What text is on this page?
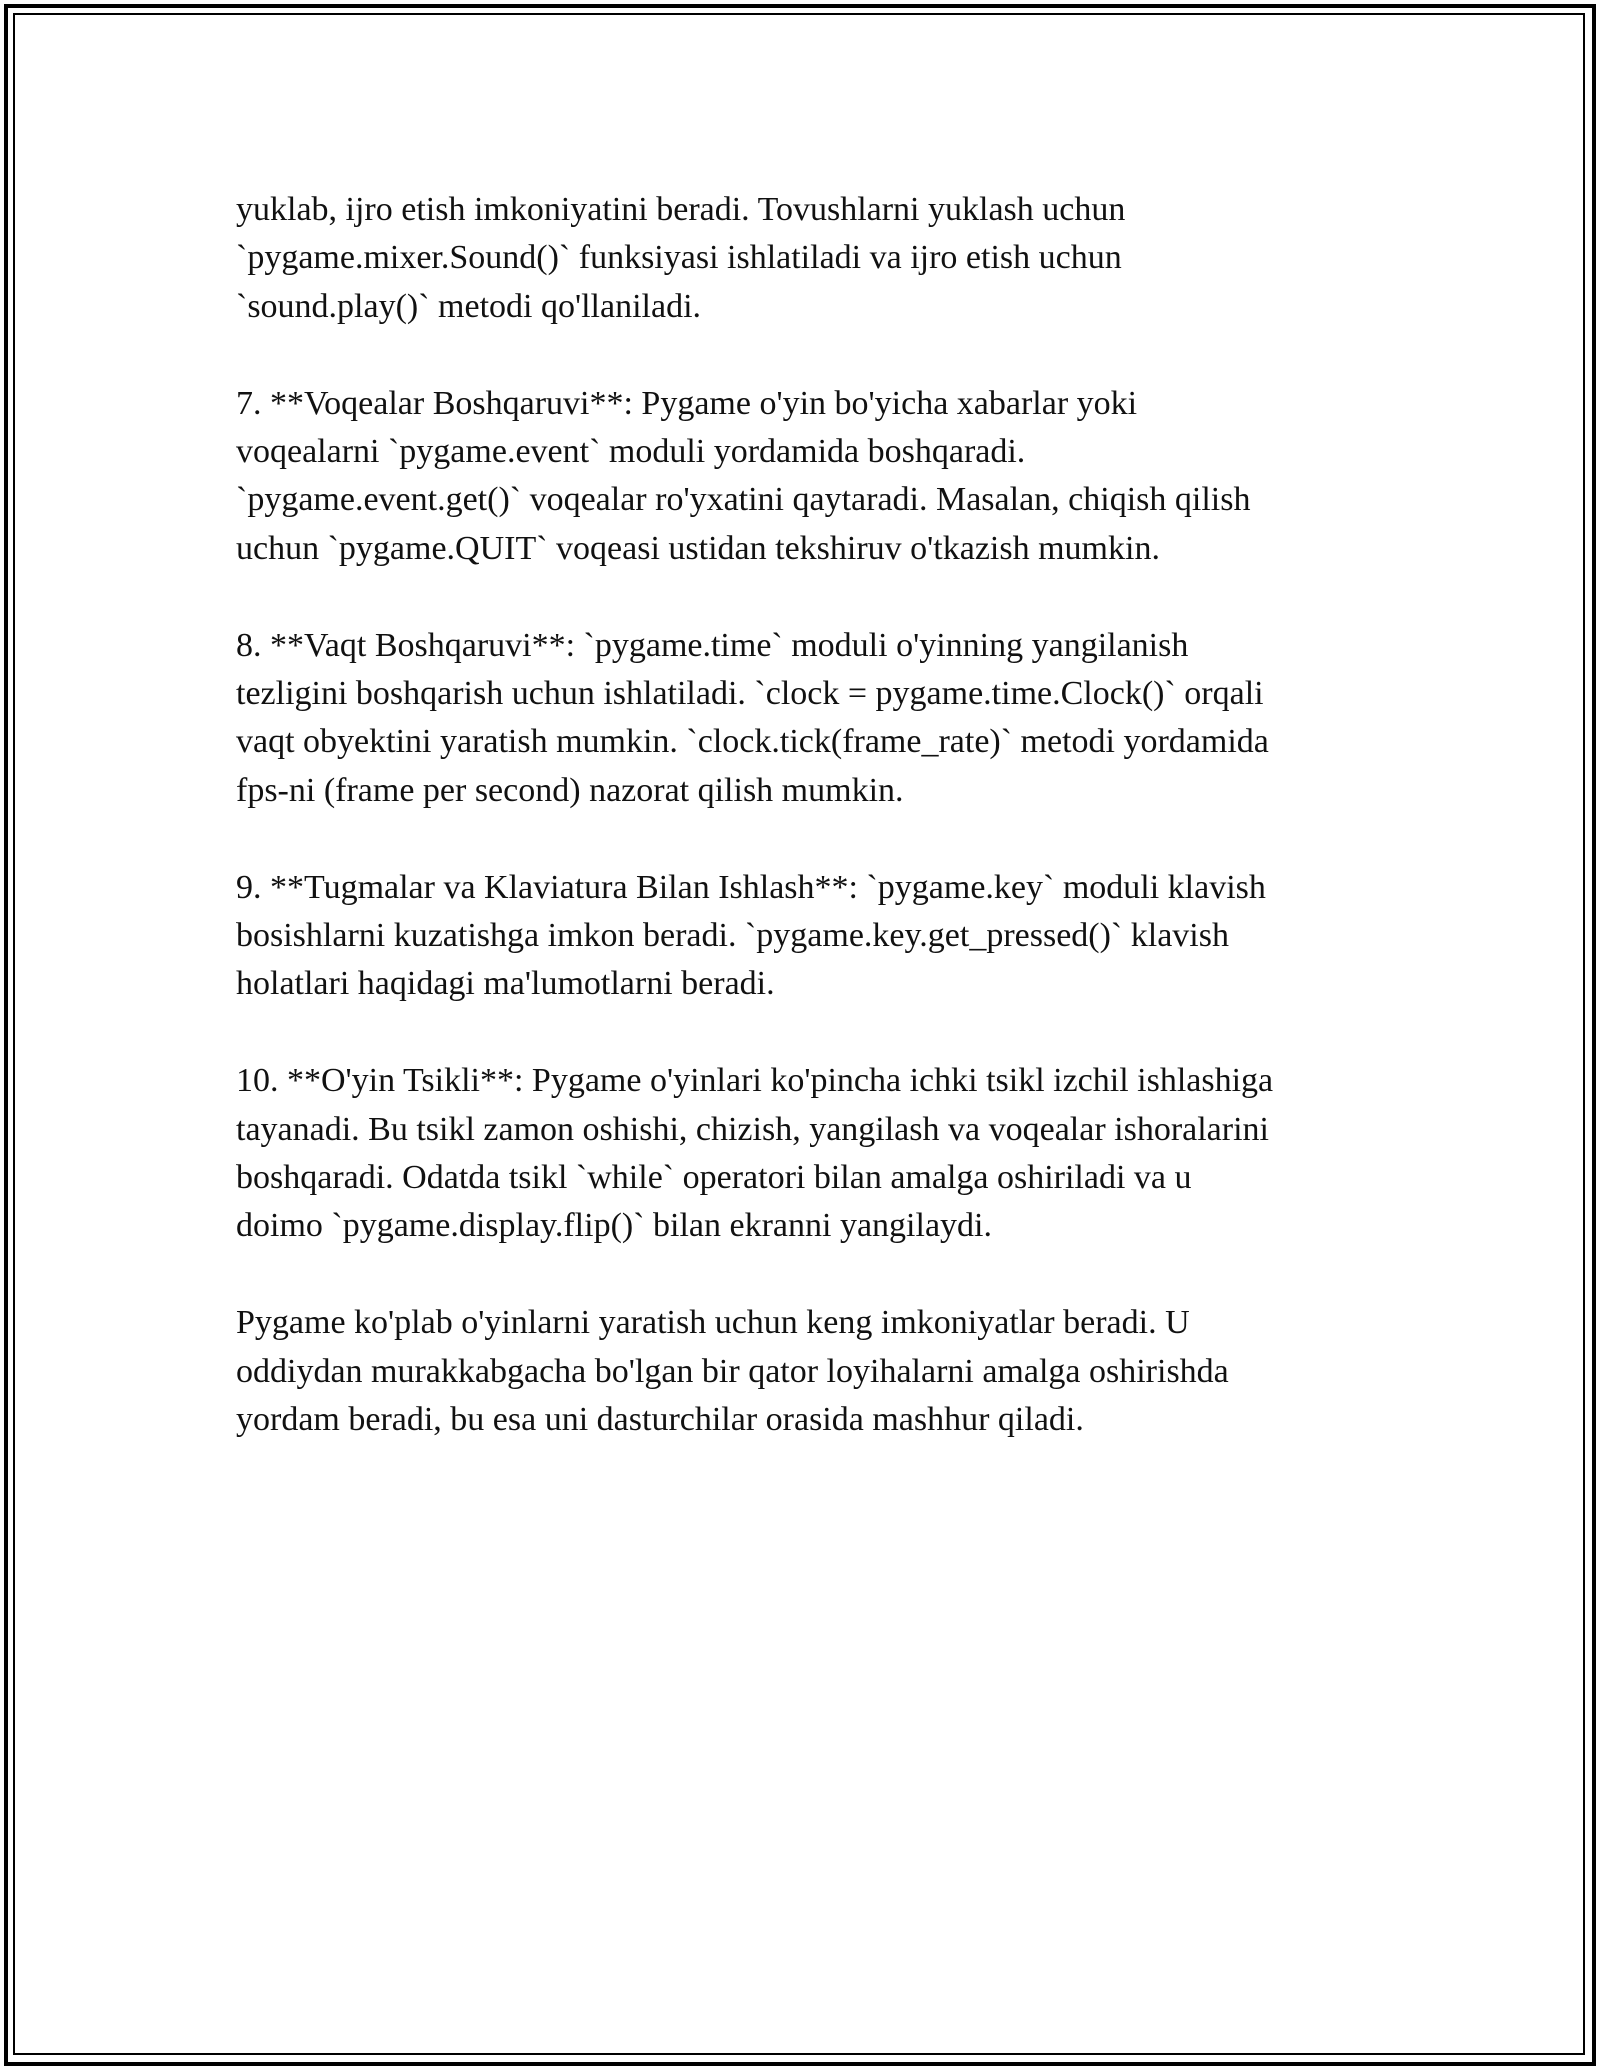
yuklab, ijro etish imkoniyatini beradi. Tovushlarni yuklash uchun
`pygame.mixer.Sound()` funksiyasi ishlatiladi va ijro etish uchun
`sound.play()` metodi qo'llaniladi.
7. **Voqealar Boshqaruvi**: Pygame o'yin bo'yicha xabarlar yoki
voqealarni `pygame.event` moduli yordamida boshqaradi.
`pygame.event.get()` voqealar ro'yxatini qaytaradi. Masalan, chiqish qilish
uchun `pygame.QUIT` voqeasi ustidan tekshiruv o'tkazish mumkin.
8. **Vaqt Boshqaruvi**: `pygame.time` moduli o'yinning yangilanish
tezligini boshqarish uchun ishlatiladi. `clock = pygame.time.Clock()` orqali
vaqt obyektini yaratish mumkin. `clock.tick(frame_rate)` metodi yordamida
fps-ni (frame per second) nazorat qilish mumkin.
9. **Tugmalar va Klaviatura Bilan Ishlash**: `pygame.key` moduli klavish
bosishlarni kuzatishga imkon beradi. `pygame.key.get_pressed()` klavish
holatlari haqidagi ma'lumotlarni beradi.
10. **O'yin Tsikli**: Pygame o'yinlari ko'pincha ichki tsikl izchil ishlashiga
tayanadi. Bu tsikl zamon oshishi, chizish, yangilash va voqealar ishoralarini
boshqaradi. Odatda tsikl `while` operatori bilan amalga oshiriladi va u
doimo `pygame.display.flip()` bilan ekranni yangilaydi.
Pygame ko'plab o'yinlarni yaratish uchun keng imkoniyatlar beradi. U
oddiydan murakkabgacha bo'lgan bir qator loyihalarni amalga oshirishda
yordam beradi, bu esa uni dasturchilar orasida mashhur qiladi.
